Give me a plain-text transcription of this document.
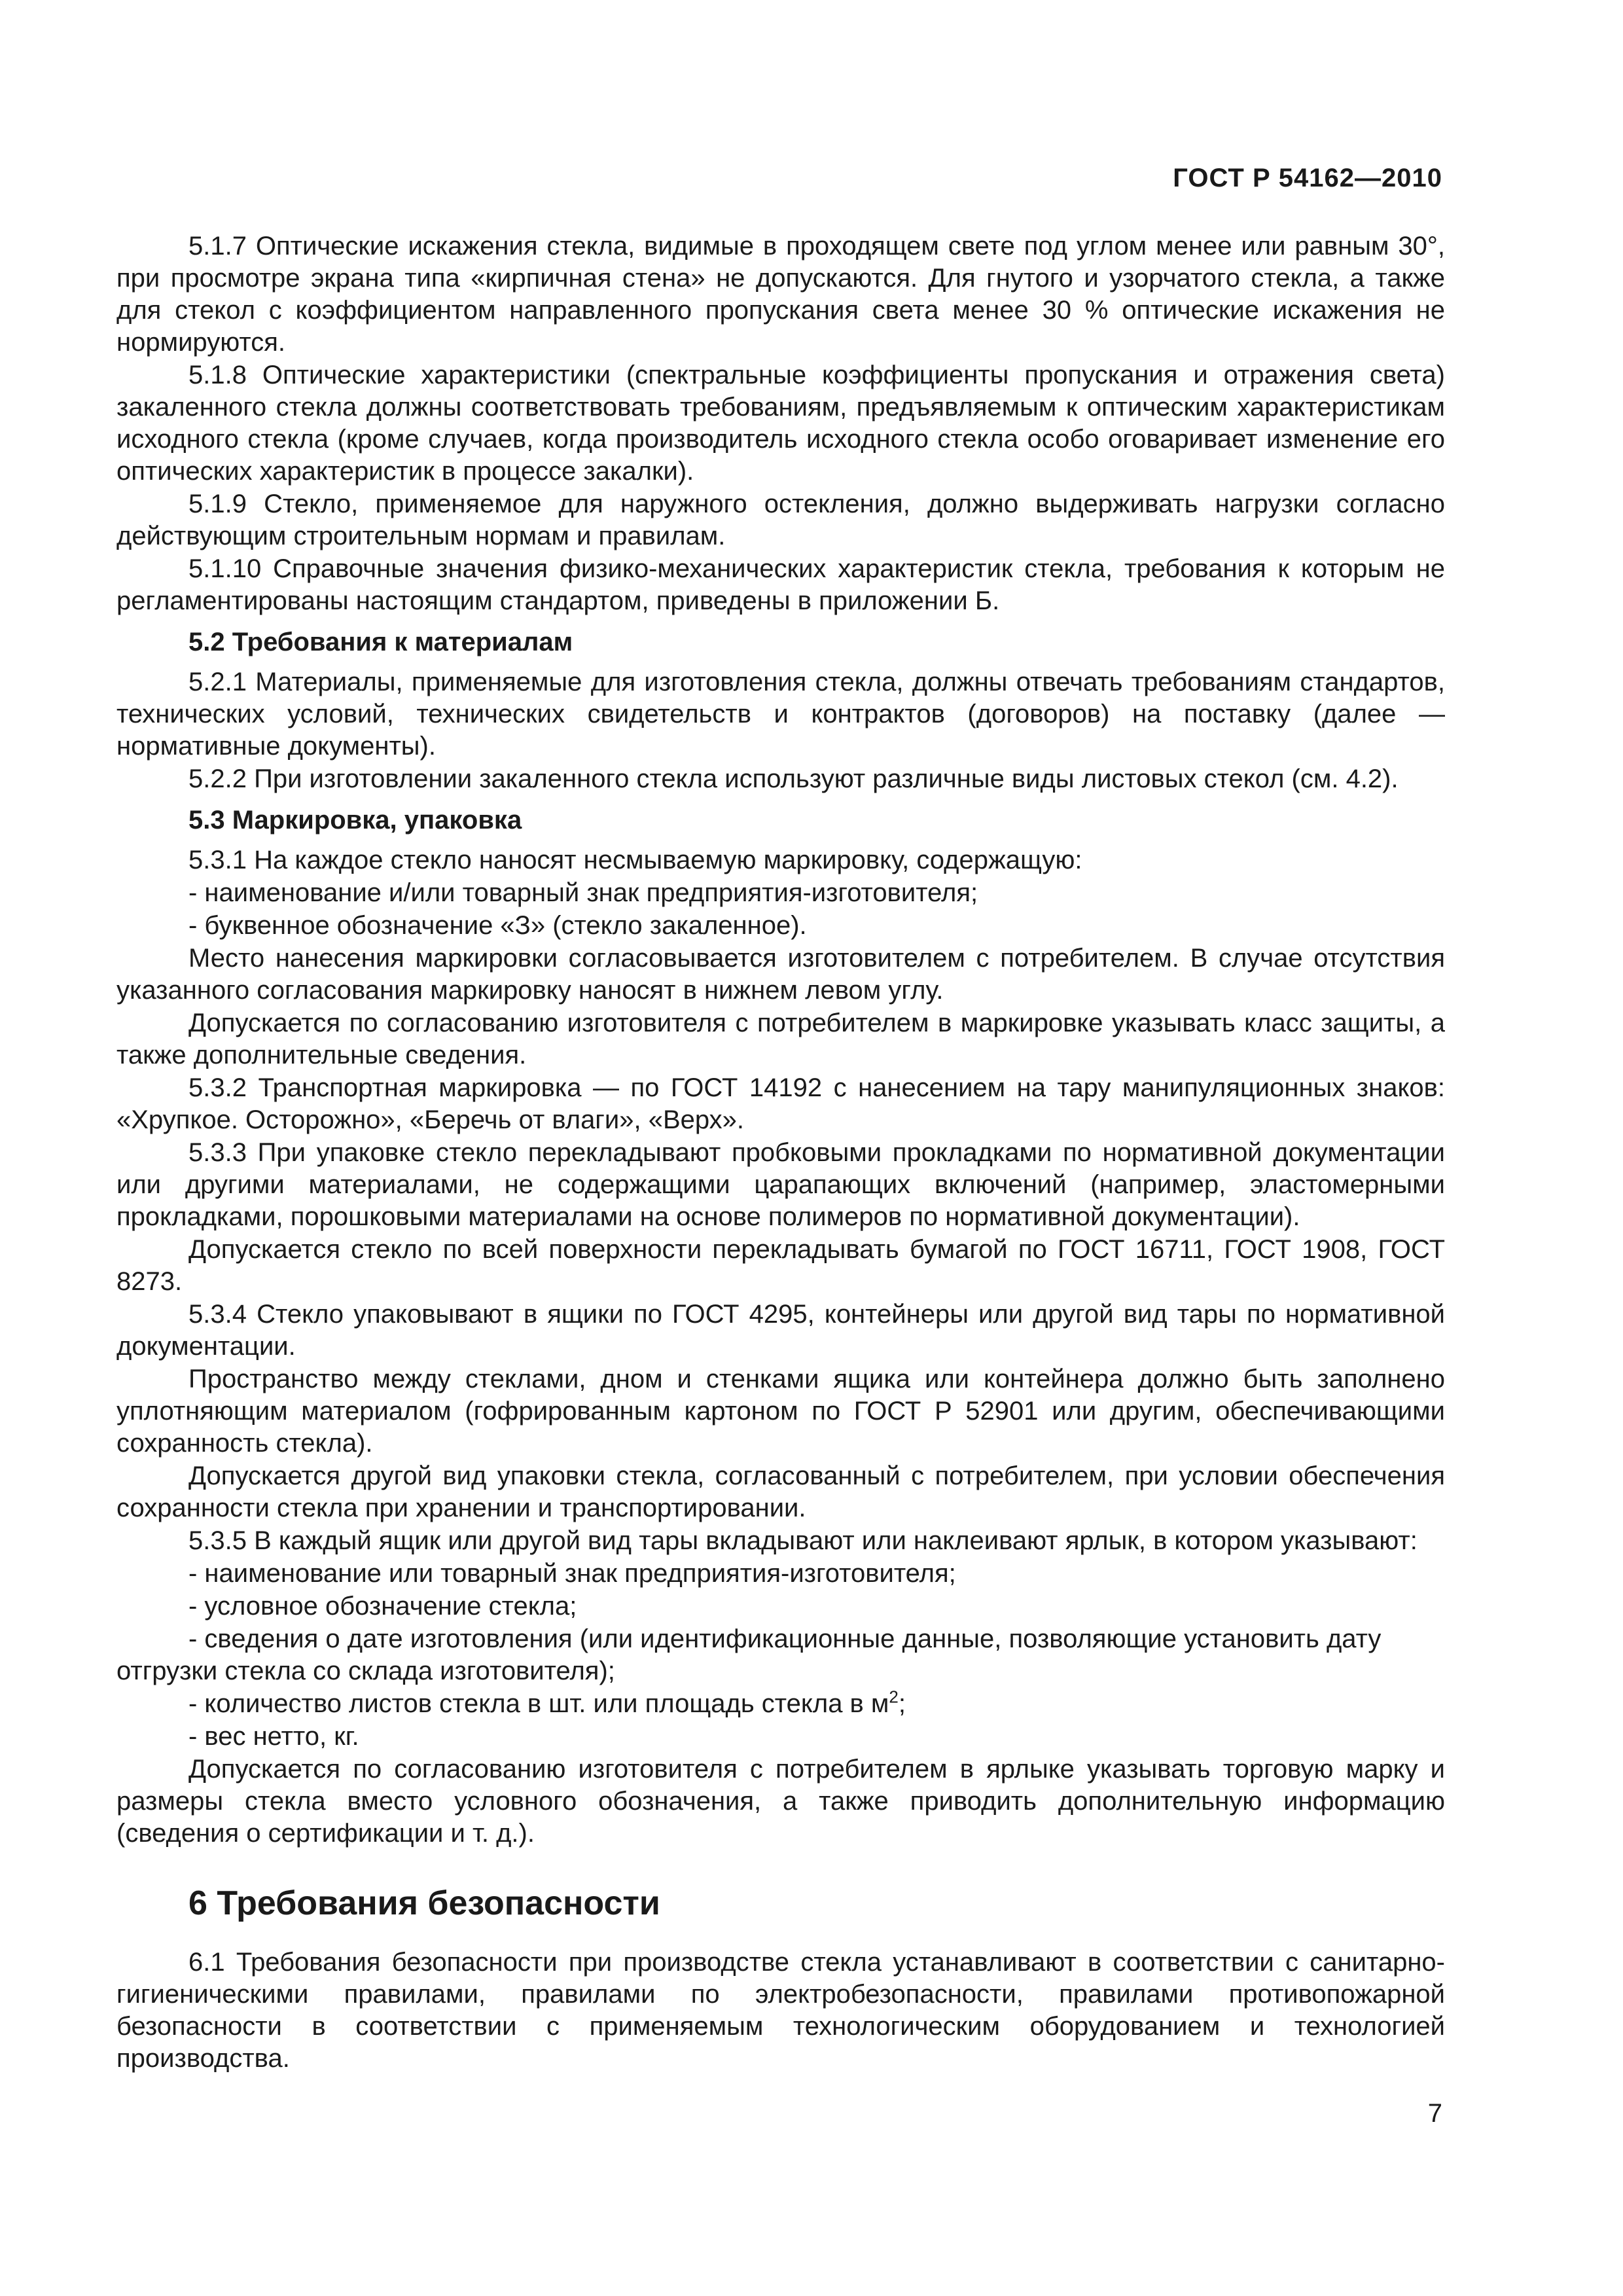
ГОСТ Р 54162—2010

5.1.7 Оптические искажения стекла, видимые в проходящем свете под углом менее или равным 30°, при просмотре экрана типа «кирпичная стена» не допускаются. Для гнутого и узорчатого стекла, а также для стекол с коэффициентом направленного пропускания света менее 30 % оптические искажения не нормируются.

5.1.8 Оптические характеристики (спектральные коэффициенты пропускания и отражения света) закаленного стекла должны соответствовать требованиям, предъявляемым к оптическим характеристикам исходного стекла (кроме случаев, когда производитель исходного стекла особо оговаривает изменение его оптических характеристик в процессе закалки).

5.1.9 Стекло, применяемое для наружного остекления, должно выдерживать нагрузки согласно действующим строительным нормам и правилам.

5.1.10 Справочные значения физико-механических характеристик стекла, требования к которым не регламентированы настоящим стандартом, приведены в приложении Б.

5.2 Требования к материалам

5.2.1 Материалы, применяемые для изготовления стекла, должны отвечать требованиям стандартов, технических условий, технических свидетельств и контрактов (договоров) на поставку (далее — нормативные документы).

5.2.2 При изготовлении закаленного стекла используют различные виды листовых стекол (см. 4.2).

5.3 Маркировка, упаковка

5.3.1 На каждое стекло наносят несмываемую маркировку, содержащую:

- наименование и/или товарный знак предприятия-изготовителя;

- буквенное обозначение «З» (стекло закаленное).

Место нанесения маркировки согласовывается изготовителем с потребителем. В случае отсутствия указанного согласования маркировку наносят в нижнем левом углу.

Допускается по согласованию изготовителя с потребителем в маркировке указывать класс защиты, а также дополнительные сведения.

5.3.2 Транспортная маркировка — по ГОСТ 14192 с нанесением на тару манипуляционных знаков: «Хрупкое. Осторожно», «Беречь от влаги», «Верх».

5.3.3 При упаковке стекло перекладывают пробковыми прокладками по нормативной документации или другими материалами, не содержащими царапающих включений (например, эластомерными прокладками, порошковыми материалами на основе полимеров по нормативной документации).

Допускается стекло по всей поверхности перекладывать бумагой по ГОСТ 16711, ГОСТ 1908, ГОСТ 8273.

5.3.4 Стекло упаковывают в ящики по ГОСТ 4295, контейнеры или другой вид тары по нормативной документации.

Пространство между стеклами, дном и стенками ящика или контейнера должно быть заполнено уплотняющим материалом (гофрированным картоном по ГОСТ Р 52901 или другим, обеспечивающими сохранность стекла).

Допускается другой вид упаковки стекла, согласованный с потребителем, при условии обеспечения сохранности стекла при хранении и транспортировании.

5.3.5 В каждый ящик или другой вид тары вкладывают или наклеивают ярлык, в котором указывают:

- наименование или товарный знак предприятия-изготовителя;

- условное обозначение стекла;

- сведения о дате изготовления (или идентификационные данные, позволяющие установить дату отгрузки стекла со склада изготовителя);

- количество листов стекла в шт. или площадь стекла в $м^2$;

- вес нетто, кг.

Допускается по согласованию изготовителя с потребителем в ярлыке указывать торговую марку и размеры стекла вместо условного обозначения, а также приводить дополнительную информацию (сведения о сертификации и т. д.).

6 Требования безопасности

6.1 Требования безопасности при производстве стекла устанавливают в соответствии с санитарно-гигиеническими правилами, правилами по электробезопасности, правилами противопожарной безопасности в соответствии с применяемым технологическим оборудованием и технологией производства.

7
